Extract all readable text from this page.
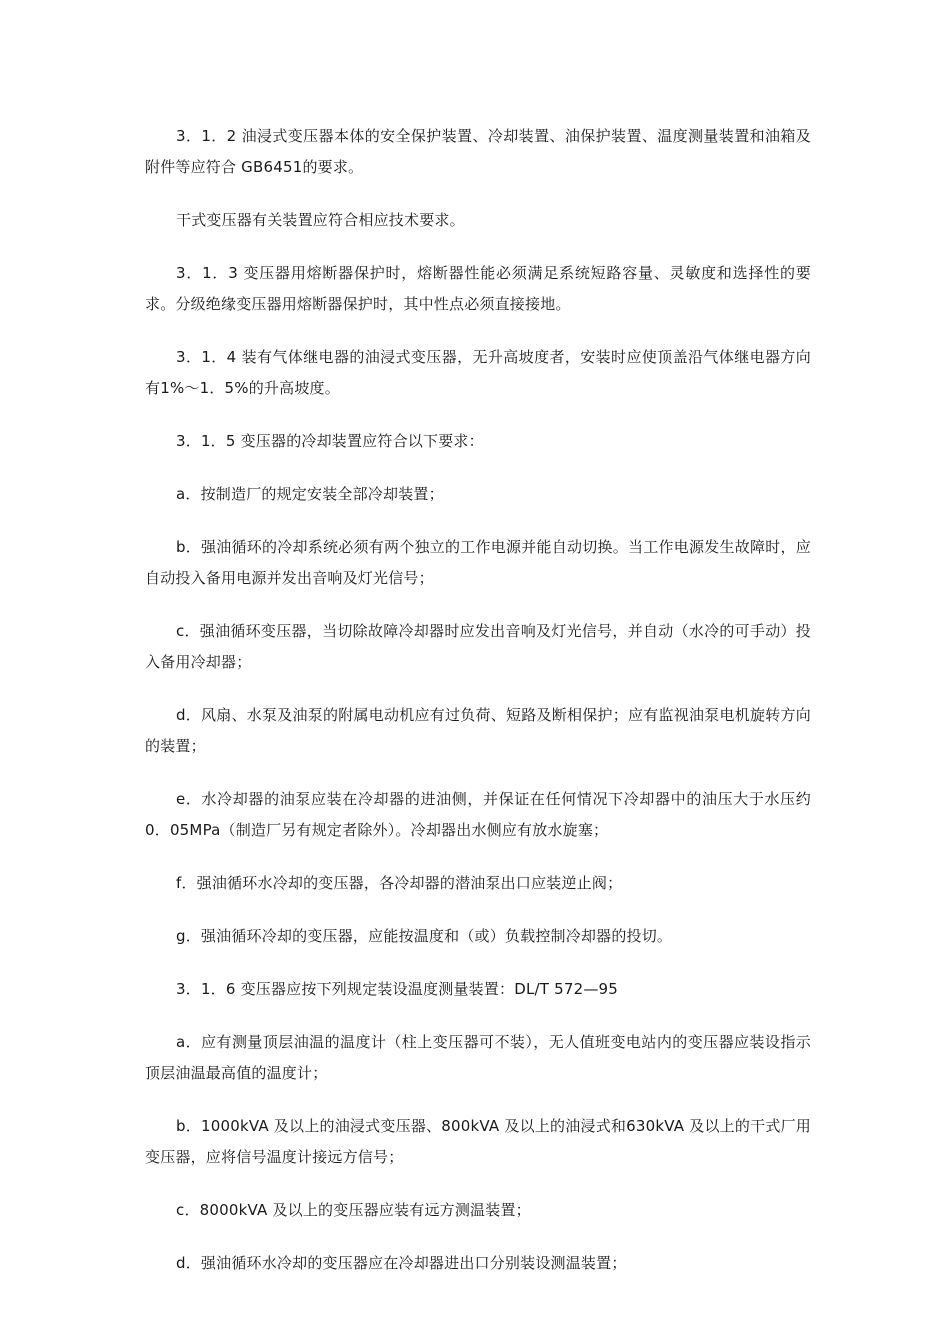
3．1．2 油浸式变压器本体的安全保护装置、冷却装置、油保护装置、温度测量装置和油箱及附件等应符合 GB6451的要求。

干式变压器有关装置应符合相应技术要求。

3．1．3 变压器用熔断器保护时，熔断器性能必须满足系统短路容量、灵敏度和选择性的要求。分级绝缘变压器用熔断器保护时，其中性点必须直接接地。

3．1．4 装有气体继电器的油浸式变压器，无升高坡度者，安装时应使顶盖沿气体继电器方向有1%～1．5%的升高坡度。

3．1．5 变压器的冷却装置应符合以下要求：

a．按制造厂的规定安装全部冷却装置；

b．强油循环的冷却系统必须有两个独立的工作电源并能自动切换。当工作电源发生故障时，应自动投入备用电源并发出音响及灯光信号；

c．强油循环变压器，当切除故障冷却器时应发出音响及灯光信号，并自动（水冷的可手动）投入备用冷却器；

d．风扇、水泵及油泵的附属电动机应有过负荷、短路及断相保护；应有监视油泵电机旋转方向的装置；

e．水冷却器的油泵应装在冷却器的进油侧，并保证在任何情况下冷却器中的油压大于水压约0．05MPa（制造厂另有规定者除外）。冷却器出水侧应有放水旋塞；

f．强油循环水冷却的变压器，各冷却器的潜油泵出口应装逆止阀；

g．强油循环冷却的变压器，应能按温度和（或）负载控制冷却器的投切。

3．1．6 变压器应按下列规定装设温度测量装置：DL/T 572—95

a．应有测量顶层油温的温度计（柱上变压器可不装），无人值班变电站内的变压器应装设指示顶层油温最高值的温度计；

b．1000kVA 及以上的油浸式变压器、800kVA 及以上的油浸式和630kVA 及以上的干式厂用变压器，应将信号温度计接远方信号；

c．8000kVA 及以上的变压器应装有远方测温装置；

d．强油循环水冷却的变压器应在冷却器进出口分别装设测温装置；
